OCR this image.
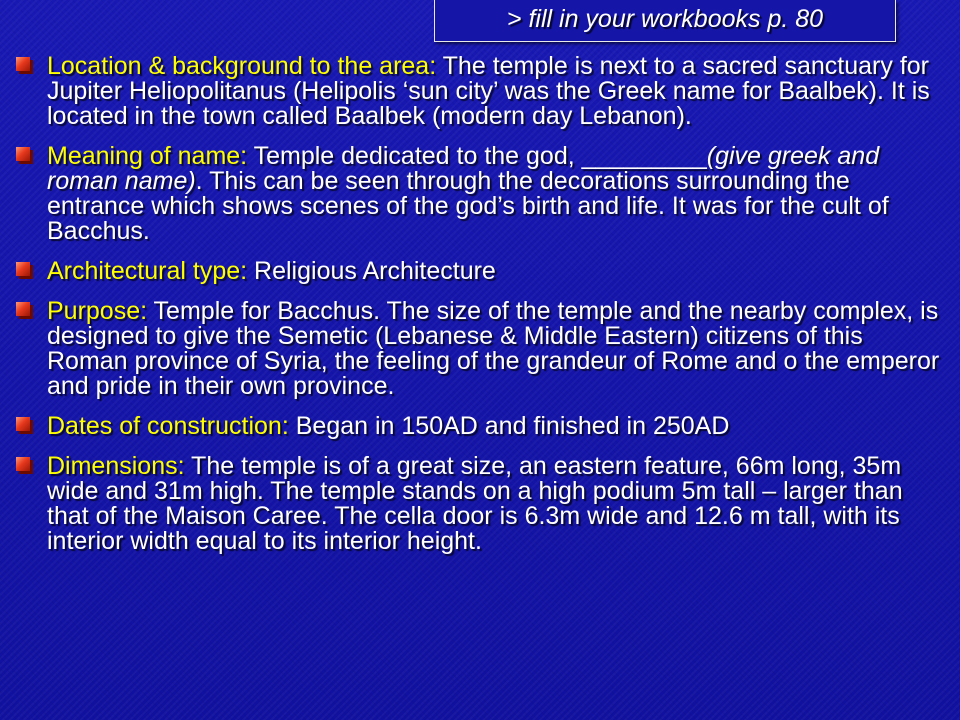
> fill in your workbooks p. 80
Location & background to the area: The temple is next to a sacred sanctuary for Jupiter Heliopolitanus (Helipolis ‘sun city’ was the Greek name for Baalbek). It is located in the town called Baalbek (modern day Lebanon).
Meaning of name: Temple dedicated to the god, _________(give greek and roman name). This can be seen through the decorations surrounding the entrance which shows scenes of the god’s birth and life. It was for the cult of Bacchus.
Architectural type: Religious Architecture
Purpose: Temple for Bacchus. The size of the temple and the nearby complex, is designed to give the Semetic (Lebanese & Middle Eastern) citizens of this Roman province of Syria, the feeling of the grandeur of Rome and o the emperor and pride in their own province.
Dates of construction: Began in 150AD and finished in 250AD
Dimensions: The temple is of a great size, an eastern feature, 66m long, 35m wide and 31m high. The temple stands on a high podium 5m tall – larger than that of the Maison Caree. The cella door is 6.3m wide and 12.6 m tall, with its interior width equal to its interior height.
